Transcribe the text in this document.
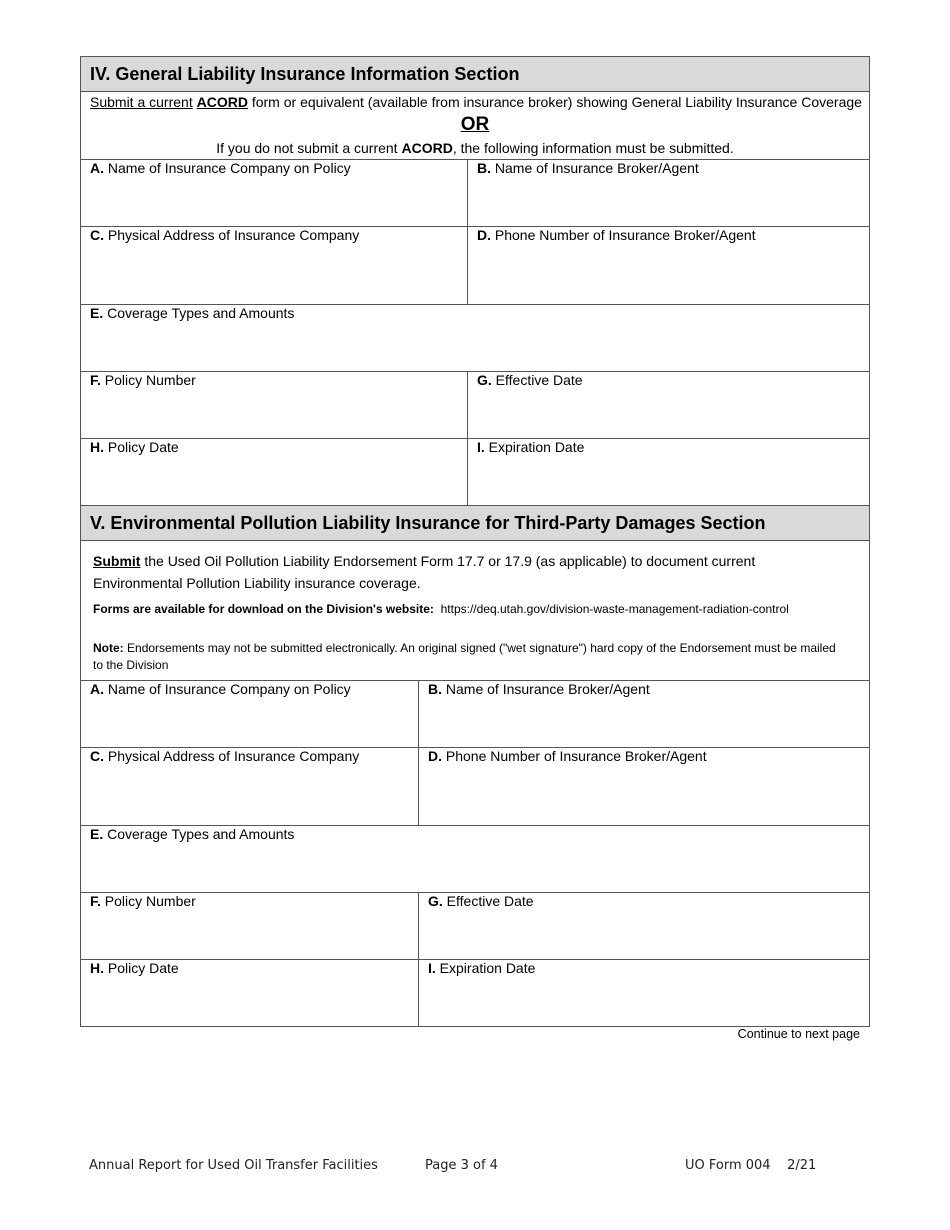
IV. General Liability Insurance Information Section
Submit a current ACORD form or equivalent (available from insurance broker) showing General Liability Insurance Coverage
OR
If you do not submit a current ACORD, the following information must be submitted.
A. Name of Insurance Company on Policy	B. Name of Insurance Broker/Agent
C. Physical Address of Insurance Company	D. Phone Number of Insurance Broker/Agent
E. Coverage Types and Amounts
F. Policy Number	G. Effective Date
H. Policy Date	I. Expiration Date
V. Environmental Pollution Liability Insurance for Third-Party Damages Section
Submit the Used Oil Pollution Liability Endorsement Form 17.7 or 17.9 (as applicable) to document current
Environmental Pollution Liability insurance coverage.
Forms are available for download on the Division's website: https://deq.utah.gov/division-waste-management-radiation-control
Note: Endorsements may not be submitted electronically. An original signed ("wet signature") hard copy of the Endorsement must be mailed to the Division
A. Name of Insurance Company on Policy	B. Name of Insurance Broker/Agent
C. Physical Address of Insurance Company	D. Phone Number of Insurance Broker/Agent
E. Coverage Types and Amounts
F. Policy Number	G. Effective Date
H. Policy Date	I. Expiration Date
Continue to next page
Annual Report for Used Oil Transfer Facilities	Page 3 of 4	UO Form 004    2/21
